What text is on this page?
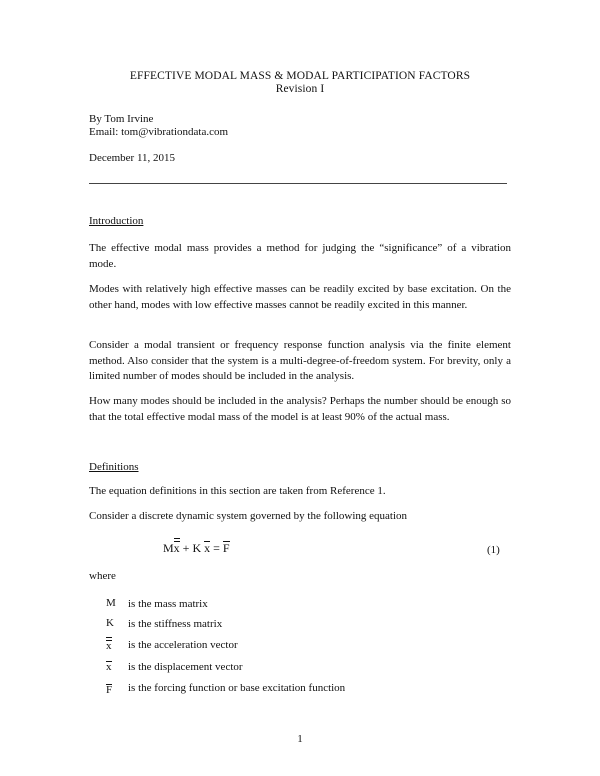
EFFECTIVE MODAL MASS & MODAL PARTICIPATION FACTORS
Revision I
By Tom Irvine
Email: tom@vibrationdata.com
December 11, 2015
Introduction
The effective modal mass provides a method for judging the “significance” of a vibration mode.
Modes with relatively high effective masses can be readily excited by base excitation. On the other hand, modes with low effective masses cannot be readily excited in this manner.
Consider a modal transient or frequency response function analysis via the finite element method. Also consider that the system is a multi-degree-of-freedom system. For brevity, only a limited number of modes should be included in the analysis.
How many modes should be included in the analysis? Perhaps the number should be enough so that the total effective modal mass of the model is at least 90% of the actual mass.
Definitions
The equation definitions in this section are taken from Reference 1.
Consider a discrete dynamic system governed by the following equation
Mx + K x = F	(1)
where
M	is the mass matrix
K	is the stiffness matrix
x	is the acceleration vector
x	is the displacement vector
F	is the forcing function or base excitation function
1
